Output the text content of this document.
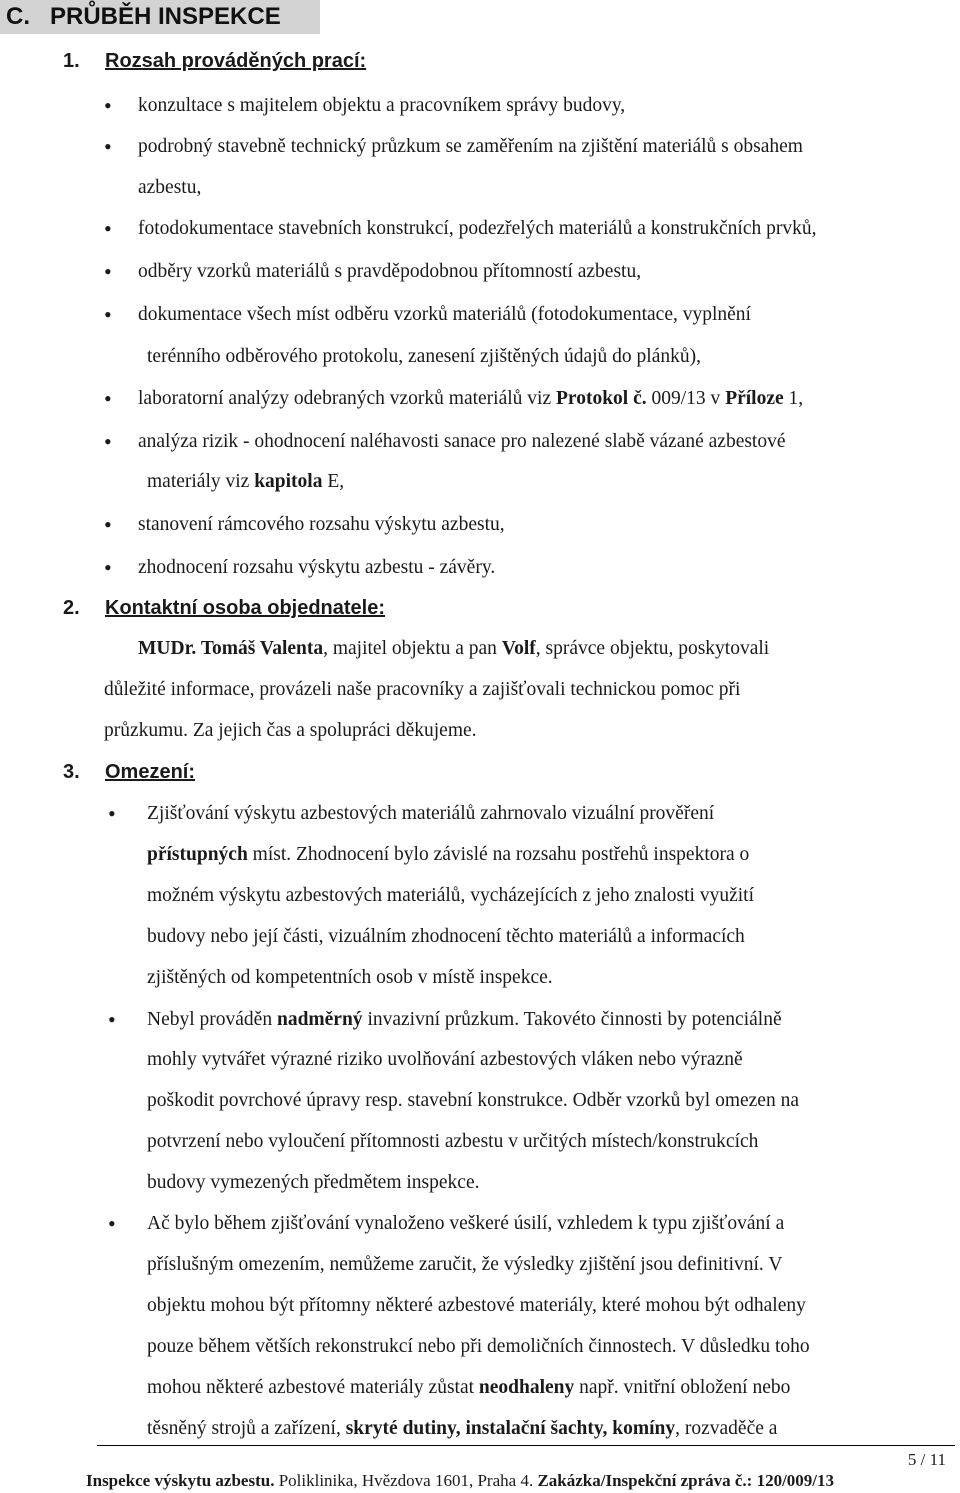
C. PRŮBĚH INSPEKCE
1. Rozsah prováděných prací:
• konzultace s majitelem objektu a pracovníkem správy budovy,
• podrobný stavebně technický průzkum se zaměřením na zjištění materiálů s obsahem
azbestu,
• fotodokumentace stavebních konstrukcí, podezřelých materiálů a konstrukčních prvků,
• odběry vzorků materiálů s pravděpodobnou přítomností azbestu,
• dokumentace všech míst odběru vzorků materiálů (fotodokumentace, vyplnění
terénního odběrového protokolu, zanesení zjištěných údajů do plánků),
• laboratorní analýzy odebraných vzorků materiálů viz Protokol č. 009/13 v Příloze 1,
• analýza rizik - ohodnocení naléhavosti sanace pro nalezené slabě vázané azbestové
materiály viz kapitola E,
• stanovení rámcového rozsahu výskytu azbestu,
• zhodnocení rozsahu výskytu azbestu - závěry.
2. Kontaktní osoba objednatele:
MUDr. Tomáš Valenta, majitel objektu a pan Volf, správce objektu, poskytovali
důležité informace, provázeli naše pracovníky a zajišťovali technickou pomoc při
průzkumu. Za jejich čas a spolupráci děkujeme.
3. Omezení:
• Zjišťování výskytu azbestových materiálů zahrnovalo vizuální prověření
přístupných míst. Zhodnocení bylo závislé na rozsahu postřehů inspektora o
možném výskytu azbestových materiálů, vycházejících z jeho znalosti využití
budovy nebo její části, vizuálním zhodnocení těchto materiálů a informacích
zjištěných od kompetentních osob v místě inspekce.
• Nebyl prováděn nadměrný invazivní průzkum. Takovéto činnosti by potenciálně
mohly vytvářet výrazné riziko uvolňování azbestových vláken nebo výrazně
poškodit povrchové úpravy resp. stavební konstrukce. Odběr vzorků byl omezen na
potvrzení nebo vyloučení přítomnosti azbestu v určitých místech/konstrukcích
budovy vymezených předmětem inspekce.
• Ač bylo během zjišťování vynaloženo veškeré úsilí, vzhledem k typu zjišťování a
příslušným omezením, nemůžeme zaručit, že výsledky zjištění jsou definitivní. V
objektu mohou být přítomny některé azbestové materiály, které mohou být odhaleny
pouze během větších rekonstrukcí nebo při demoličních činnostech. V důsledku toho
mohou některé azbestové materiály zůstat neodhaleny např. vnitřní obložení nebo
těsněný strojů a zařízení, skryté dutiny, instalační šachty, komíny, rozvaděče a
5 / 11
Inspekce výskytu azbestu. Poliklinika, Hvězdova 1601, Praha 4. Zakázka/Inspekční zpráva č.: 120/009/13
